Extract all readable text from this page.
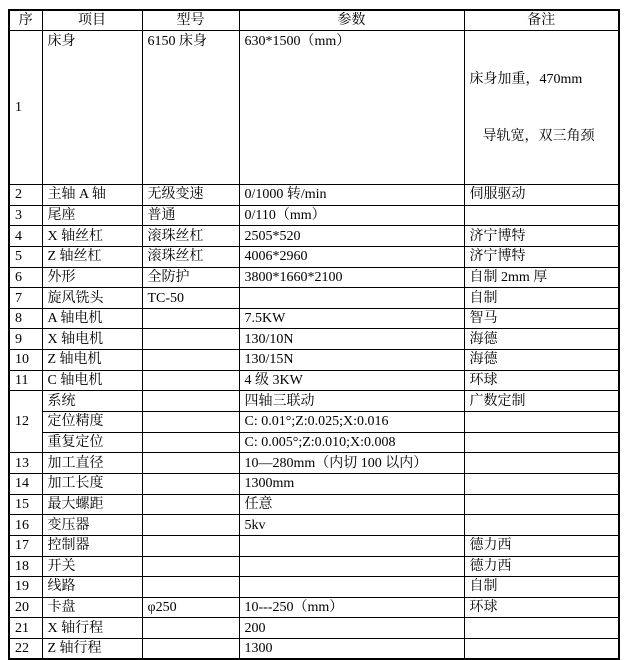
序	项目	型号	参数	备注
1	床身	6150 床身	630*1500（mm）	床身加重，470mm

导轨宽，双三角颈

2	主轴 A 轴	无级变速	0/1000 转/min	伺服驱动
3	尾座	普通	0/110（mm）	
4	X 轴丝杠	滚珠丝杠	2505*520	济宁博特
5	Z 轴丝杠	滚珠丝杠	4006*2960	济宁博特
6	外形	全防护	3800*1660*2100	自制 2mm 厚
7	旋风铣头	TC-50		自制
8	A 轴电机		7.5KW	智马
9	X 轴电机		130/10N	海德
10	Z 轴电机		130/15N	海德
11	C 轴电机		4 级 3KW	环球
12	系统		四轴三联动	广数定制
	定位精度		C: 0.01°;Z:0.025;X:0.016	
	重复定位		C: 0.005°;Z:0.010;X:0.008	
13	加工直径		10—280mm（内切 100 以内）	
14	加工长度		1300mm	
15	最大螺距		任意	
16	变压器		5kv	
17	控制器			德力西
18	开关			德力西
19	线路			自制
20	卡盘	φ250	10---250（mm）	环球
21	X 轴行程		200	
22	Z 轴行程		1300	
